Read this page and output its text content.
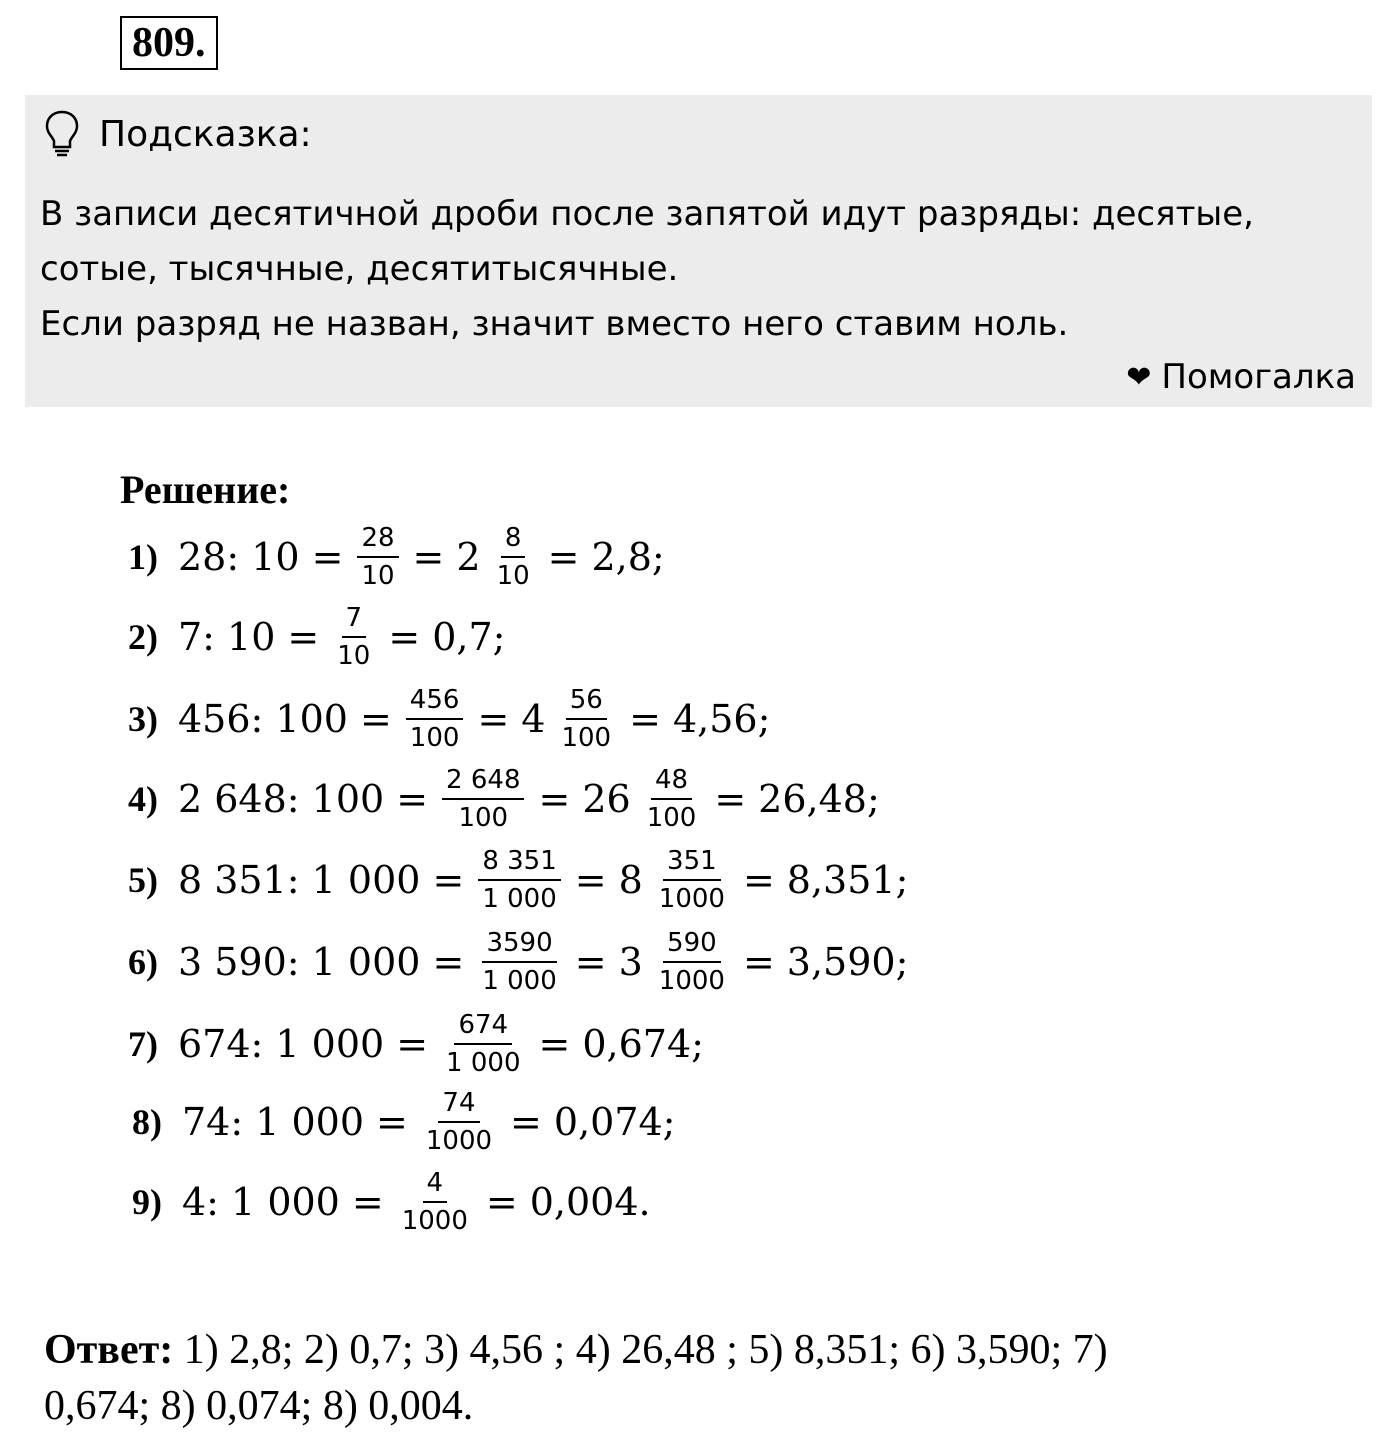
809.
Подсказка:
В записи десятичной дроби после запятой идут разряды: десятые,
сотые, тысячные, десятитысячные.
Если разряд не назван, значит вместо него ставим ноль.
❤ Помогалка
Решение:
1) 28: $10 = \frac{28}{10} = 2 \frac{8}{10} = 2,8$;
2) 7: $10 = \frac{7}{10} = 0,7$;
3) 456: $100 = \frac{456}{100} = 4 \frac{56}{100} = 4,56$;
4) 2 648: $100 = \frac{2 648}{100} = 26 \frac{48}{100} = 26,48$;
5) 8 351: 1 $000 = \frac{8 351}{1 000} = 8 \frac{351}{1000} = 8,351$;
6) 3 590: 1 $000 = \frac{3590}{1 000} = 3 \frac{590}{1000} = 3,590$;
7) 674: 1 $000 = \frac{674}{1 000} = 0,674$;
8) 74: 1 $000 = \frac{74}{1000} = 0,074$;
9) 4: 1 $000 = \frac{4}{1000} = 0,004$.
Ответ: 1) 2,8; 2) 0,7; 3) 4,56 ; 4) 26,48 ; 5) 8,351; 6) 3,590; 7)
0,674; 8) 0,074; 8) 0,004.
